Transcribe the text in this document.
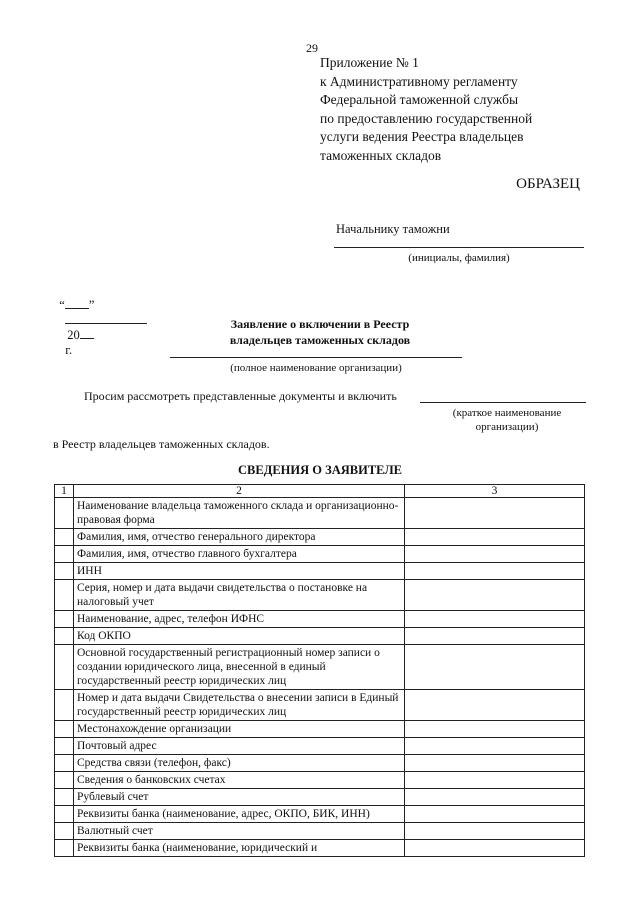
29
Приложение № 1
к Административному регламенту
Федеральной таможенной службы
по предоставлению государственной
услуги ведения Реестра владельцев
таможенных складов
ОБРАЗЕЦ
Начальнику таможни
(инициалы, фамилия)

“ ”

20
г.

Заявление о включении в Реестр
владельцев таможенных складов
(полное наименование организации)
Просим рассмотреть представленные документы и включить
(краткое наименование
организации)
в Реестр владельцев таможенных складов.
СВЕДЕНИЯ О ЗАЯВИТЕЛЕ
1	2	3
	Наименование владельца таможенного склада и организационно-правовая форма	
	Фамилия, имя, отчество генерального директора	
	Фамилия, имя, отчество главного бухгалтера	
	ИНН	
	Серия, номер и дата выдачи свидетельства о постановке на налоговый учет	
	Наименование, адрес, телефон ИФНС	
	Код ОКПО	
	Основной государственный регистрационный номер записи о создании юридического лица, внесенной в единый государственный реестр юридических лиц	
	Номер и дата выдачи Свидетельства о внесении записи в Единый государственный реестр юридических лиц	
	Местонахождение организации	
	Почтовый адрес	
	Средства связи (телефон, факс)	
	Сведения о банковских счетах	
	Рублевый счет	
	Реквизиты банка (наименование, адрес, ОКПО, БИК, ИНН)	
	Валютный счет	
	Реквизиты банка (наименование, юридический и	
